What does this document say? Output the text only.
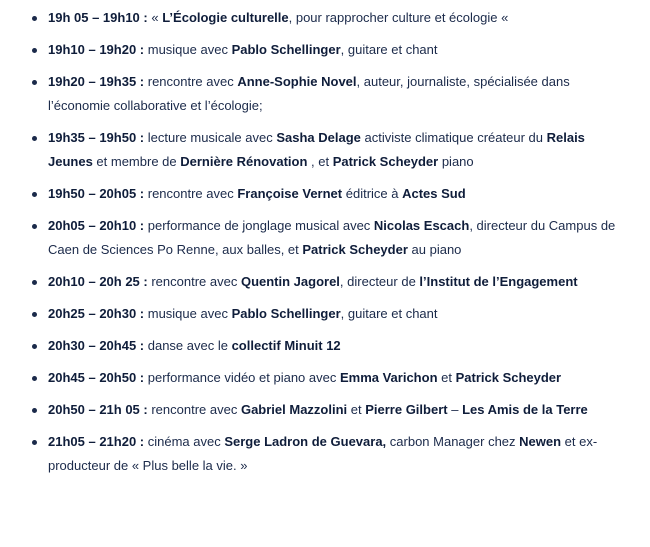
19h 05 – 19h10 : « L’Écologie culturelle, pour rapprocher culture et écologie «
19h10 – 19h20 : musique avec Pablo Schellinger, guitare et chant
19h20 – 19h35 : rencontre avec Anne-Sophie Novel, auteur, journaliste, spécialisée dans l’économie collaborative et l’écologie;
19h35 – 19h50 : lecture musicale avec Sasha Delage activiste climatique créateur du Relais Jeunes et membre de Dernière Rénovation , et Patrick Scheyder piano
19h50 – 20h05 : rencontre avec Françoise Vernet éditrice à Actes Sud
20h05 – 20h10 : performance de jonglage musical avec Nicolas Escach, directeur du Campus de Caen de Sciences Po Renne, aux balles, et Patrick Scheyder au piano
20h10 – 20h 25 : rencontre avec Quentin Jagorel, directeur de l’Institut de l’Engagement
20h25 – 20h30 : musique avec Pablo Schellinger, guitare et chant
20h30 – 20h45 : danse avec le collectif Minuit 12
20h45 – 20h50 : performance vidéo et piano avec Emma Varichon et Patrick Scheyder
20h50 – 21h 05 : rencontre avec Gabriel Mazzolini et Pierre Gilbert – Les Amis de la Terre
21h05 – 21h20 : cinéma avec Serge Ladron de Guevara, carbon Manager chez Newen et ex-producteur de « Plus belle la vie. »
